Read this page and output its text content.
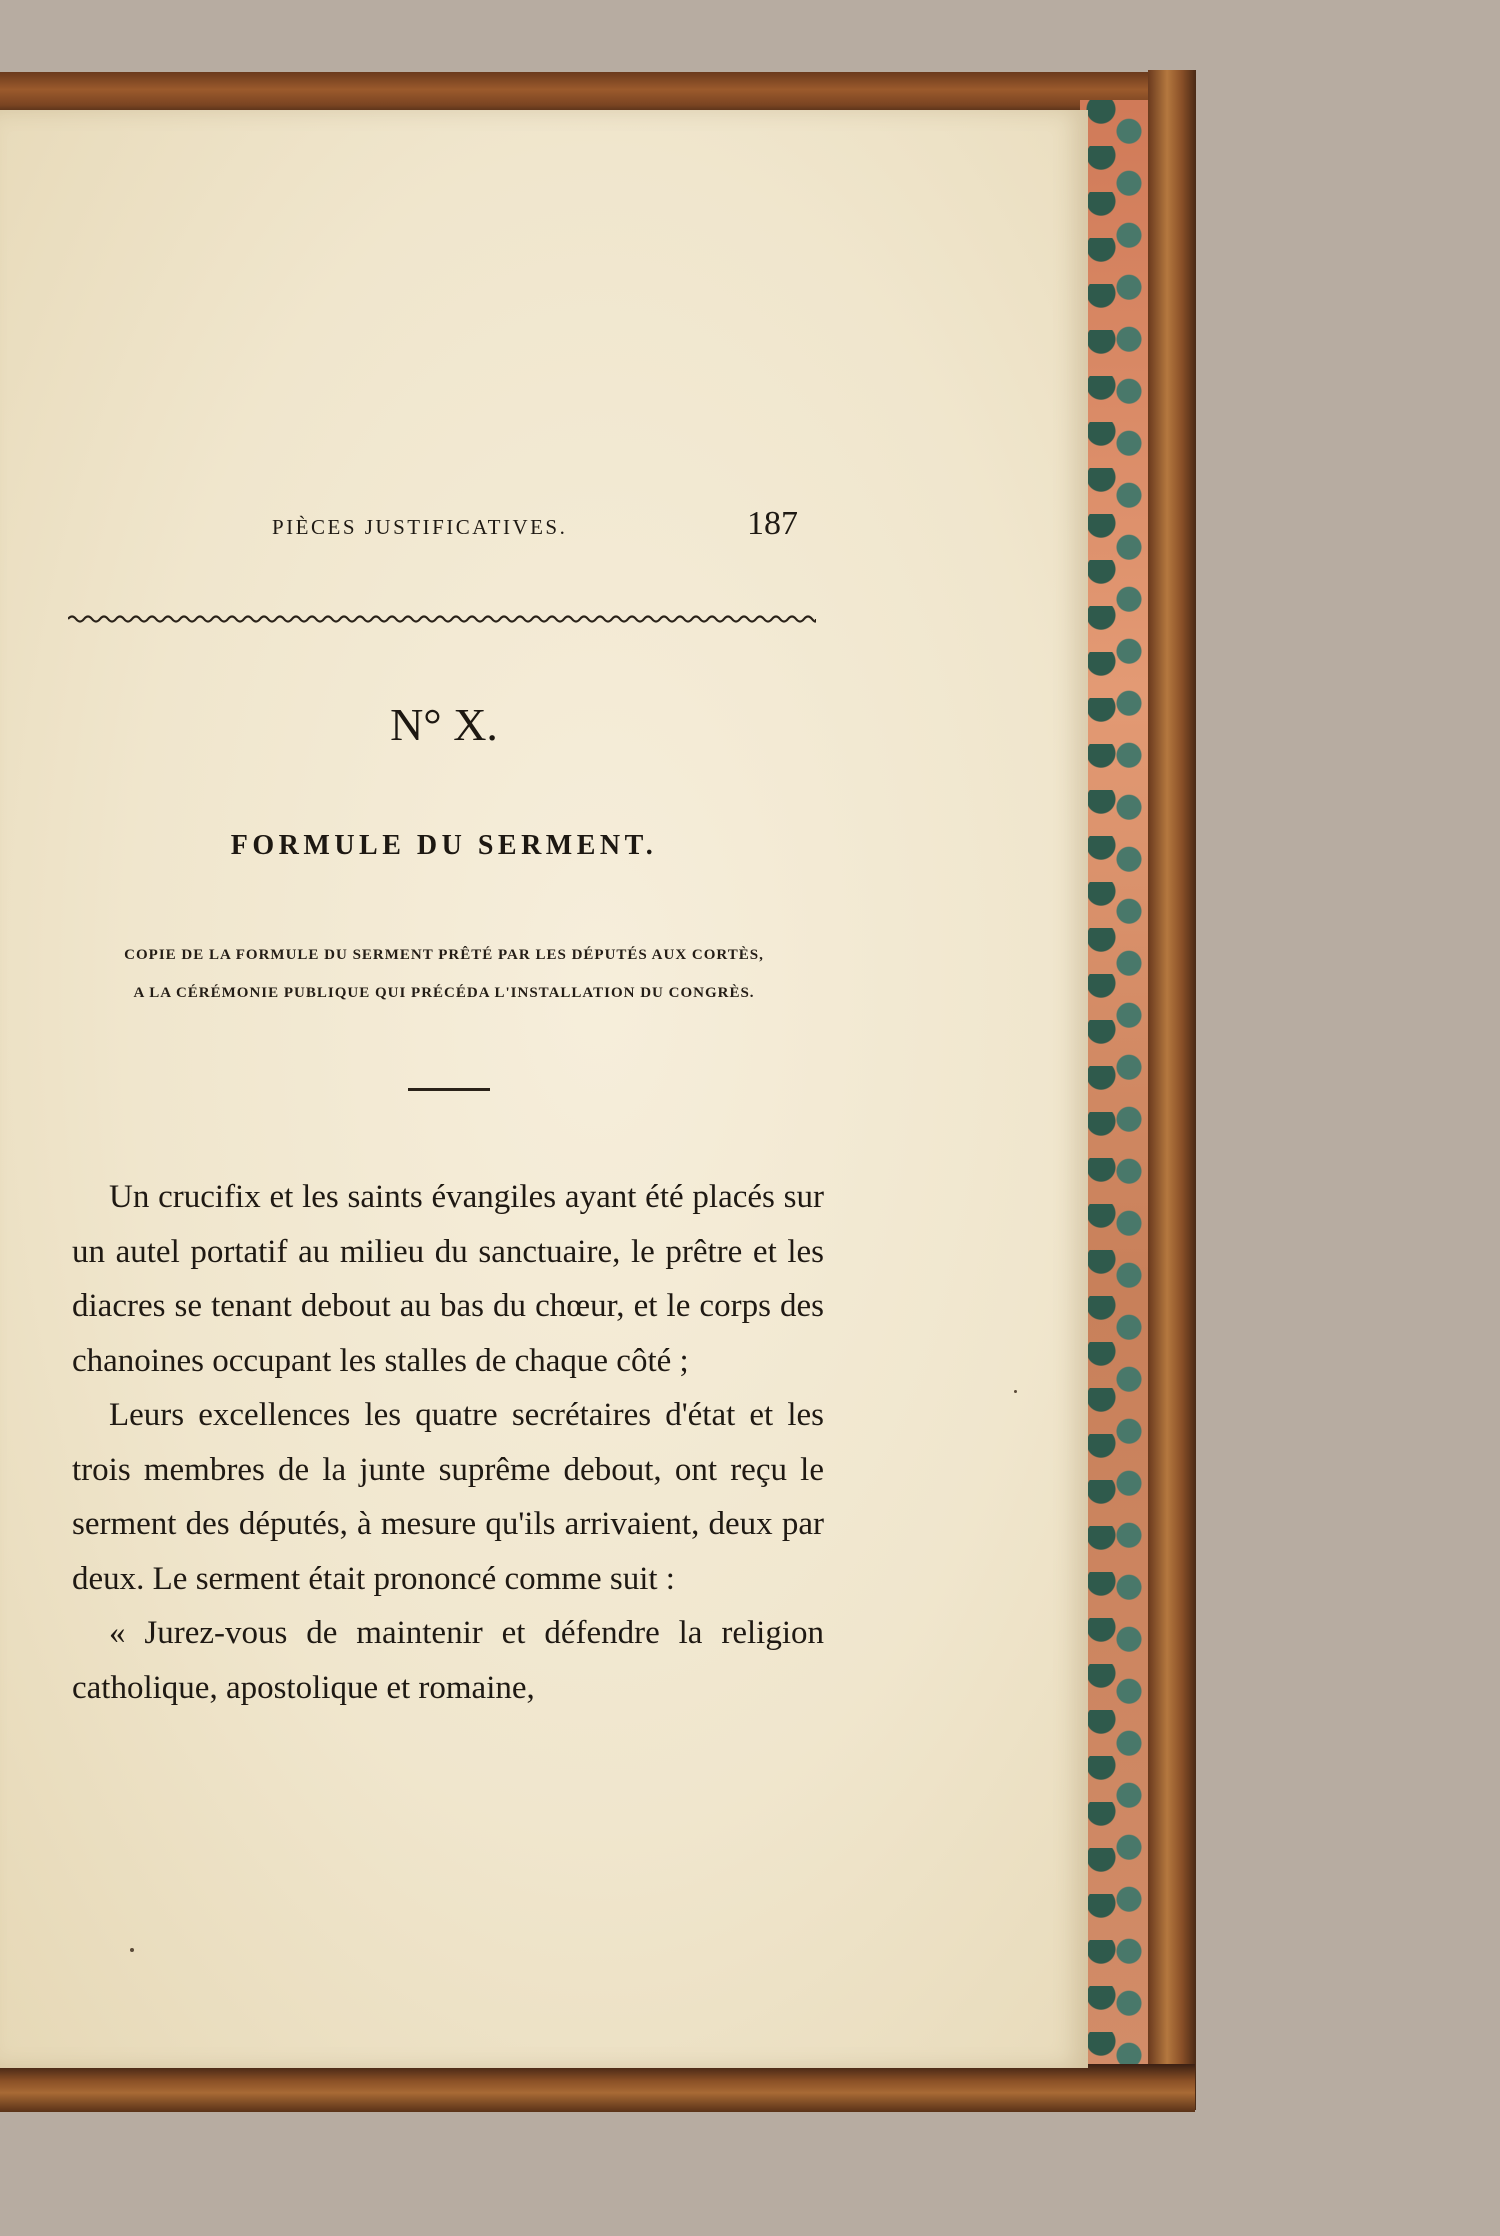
PIÈCES JUSTIFICATIVES.	187
N° X.
FORMULE DU SERMENT.
COPIE DE LA FORMULE DU SERMENT PRÊTÉ PAR LES DÉPUTÉS AUX CORTÈS,
A LA CÉRÉMONIE PUBLIQUE QUI PRÉCÉDA L'INSTALLATION DU CONGRÈS.

Un crucifix et les saints évangiles ayant été placés sur un autel portatif au milieu du sanctuaire, le prêtre et les diacres se tenant debout au bas du chœur, et le corps des chanoines occupant les stalles de chaque côté ;

Leurs excellences les quatre secrétaires d'état et les trois membres de la junte suprême debout, ont reçu le serment des députés, à mesure qu'ils arrivaient, deux par deux. Le serment était prononcé comme suit :

« Jurez-vous de maintenir et défendre la religion catholique, apostolique et romaine,
